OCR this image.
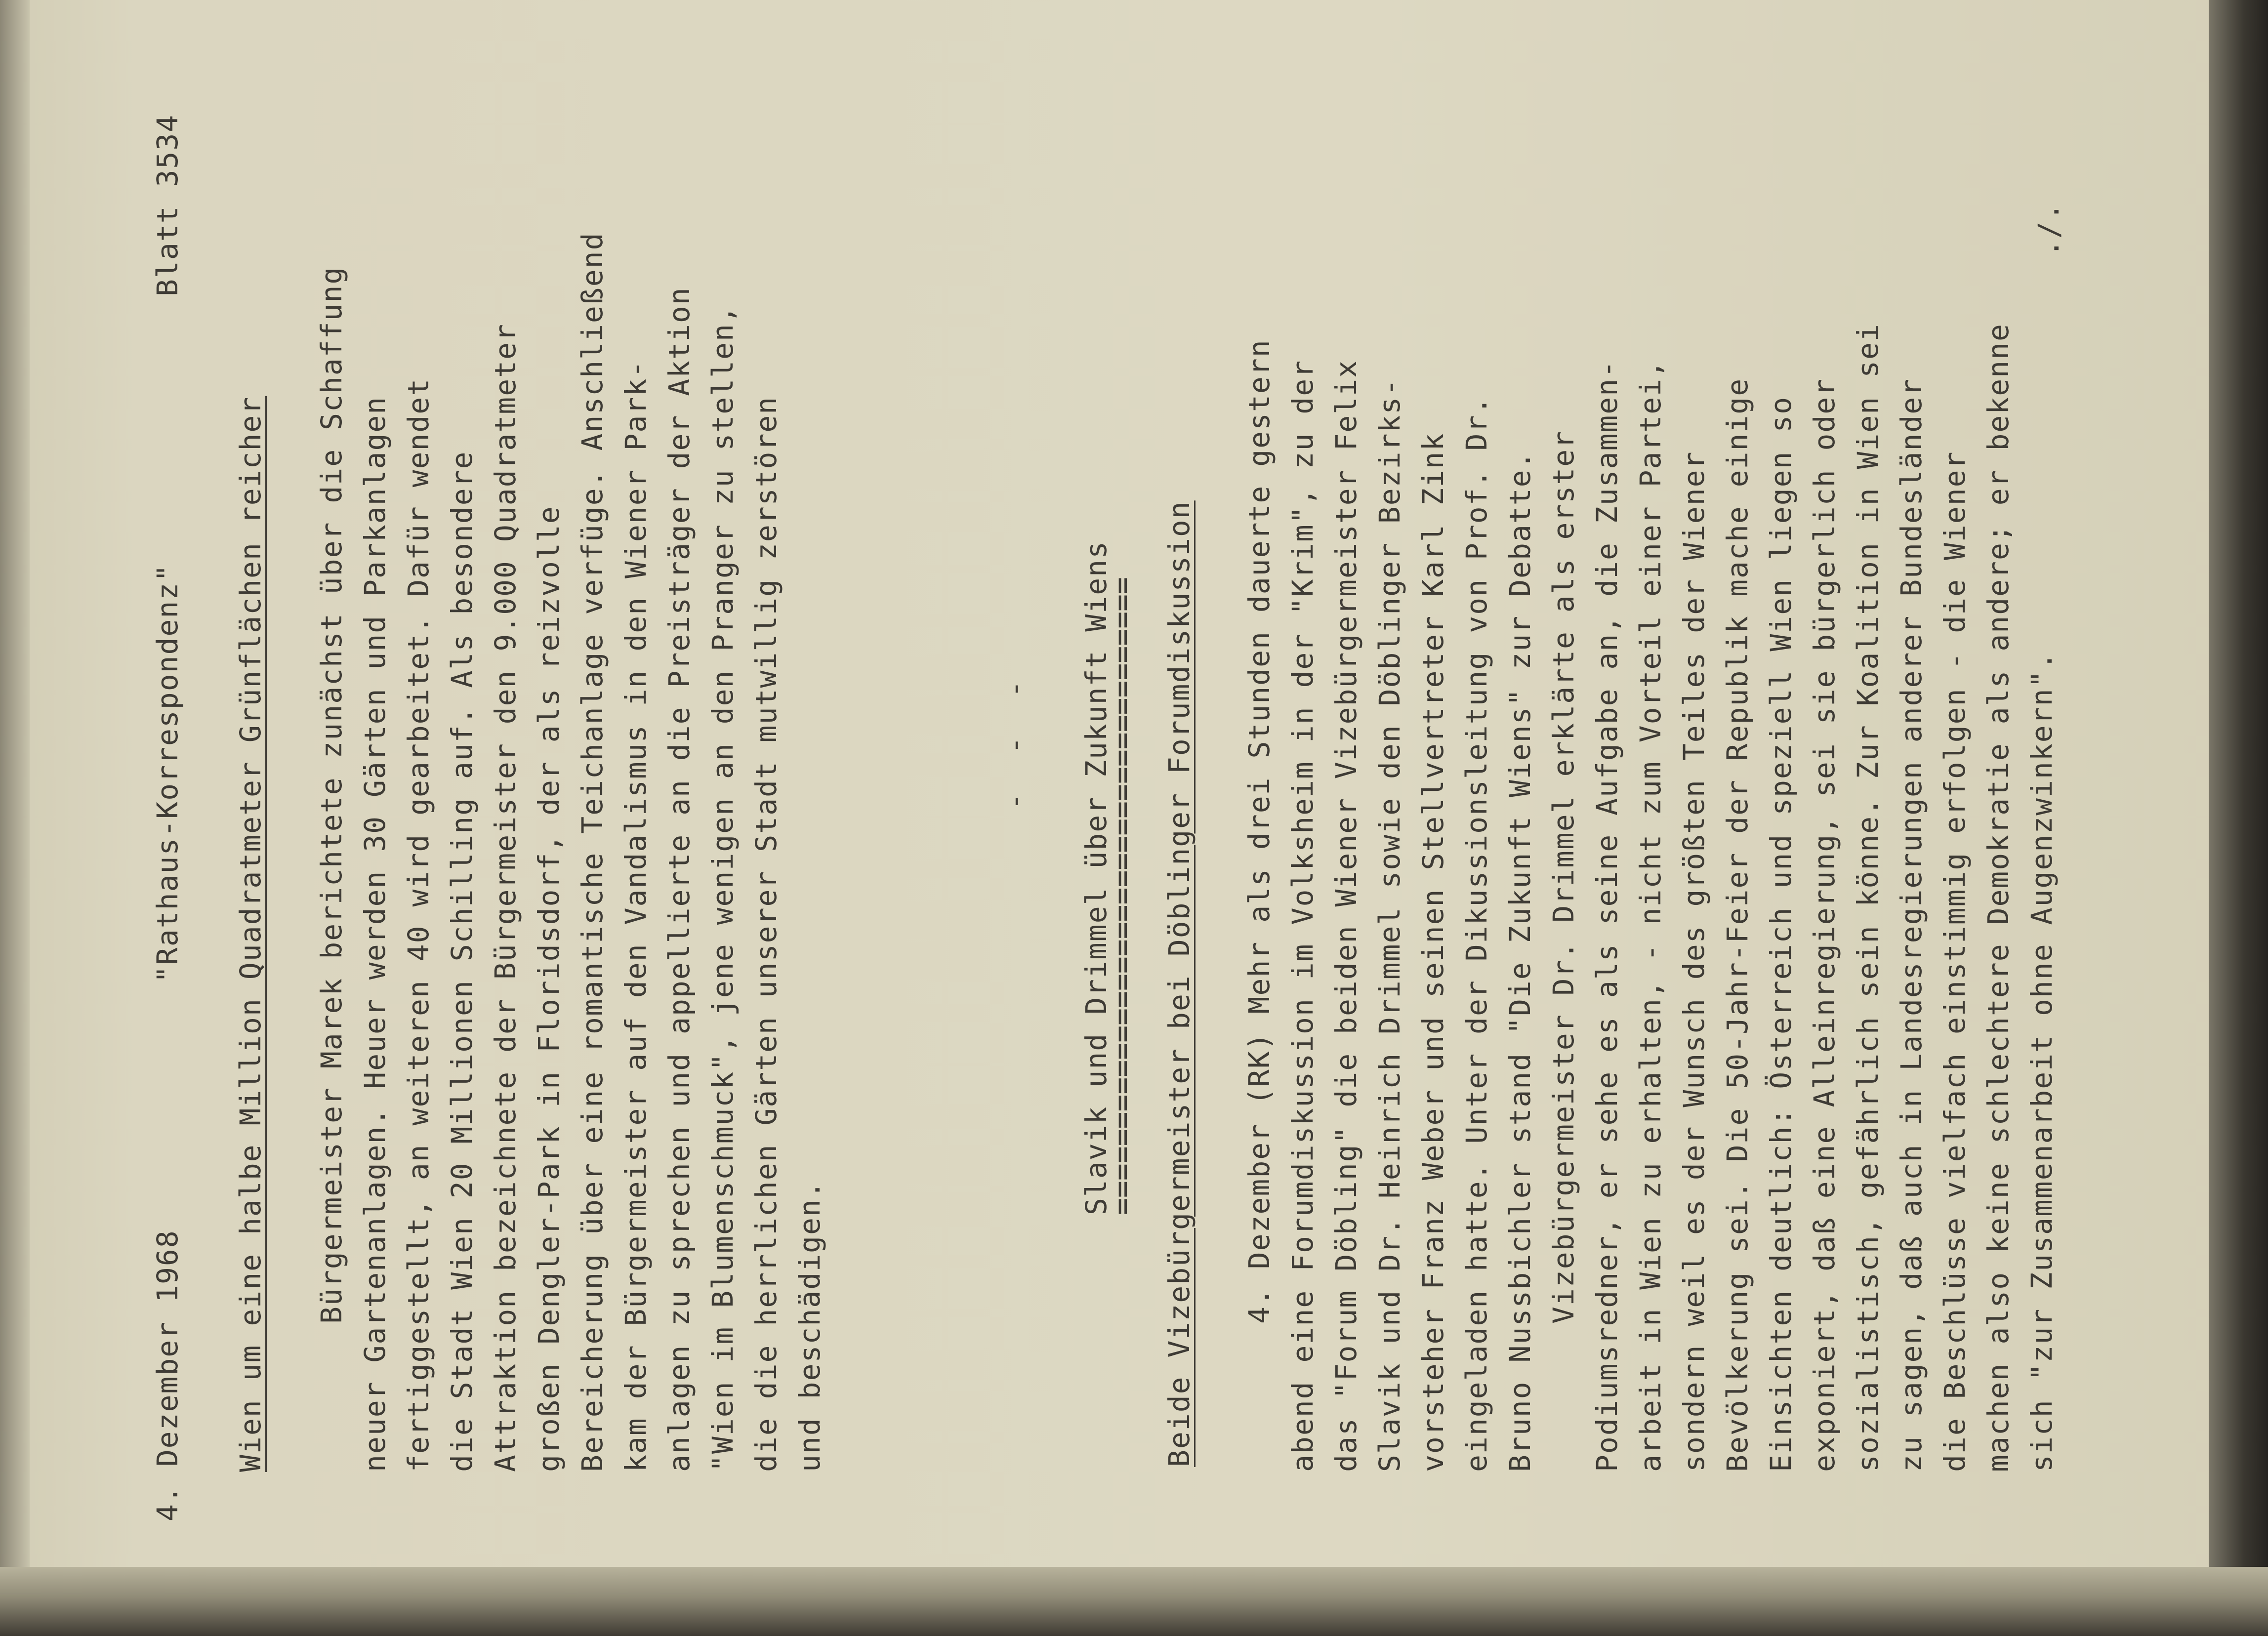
4. Dezember 1968
"Rathaus-Korrespondenz"
Blatt 3534
Wien um eine halbe Million Quadratmeter Grünflächen reicher Bürgermeister Marek berichtete zunächst über die Schaffung neuer Gartenanlagen. Heuer werden 30 Gärten und Parkanlagen fertiggestellt, an weiteren 40 wird gearbeitet. Dafür wendet die Stadt Wien 20 Millionen Schilling auf. Als besondere Attraktion bezeichnete der Bürgermeister den 9.000 Quadratmeter großen Dengler-Park in Floridsdorf, der als reizvolle Bereicherung über eine romantische Teichanlage verfüge. Anschließend kam der Bürgermeister auf den Vandalismus in den Wiener Park- anlagen zu sprechen und appellierte an die Preisträger der Aktion "Wien im Blumenschmuck", jene wenigen an den Pranger zu stellen, die die herrlichen Gärten unserer Stadt mutwillig zerstören und beschädigen.
- - - Slavik und Drimmel über Zukunft Wiens
===================================== Beide Vizebürgermeister bei Döblinger Forumdiskussion 4. Dezember (RK) Mehr als drei Stunden dauerte gestern abend eine Forumdiskussion im Volksheim in der "Krim", zu der das "Forum Döbling" die beiden Wiener Vizebürgermeister Felix Slavik und Dr. Heinrich Drimmel sowie den Döblinger Bezirks- vorsteher Franz Weber und seinen Stellvertreter Karl Zink eingeladen hatte. Unter der Dikussionsleitung von Prof. Dr. Bruno Nussbichler stand "Die Zukunft Wiens" zur Debatte. Vizebürgermeister Dr. Drimmel erklärte als erster Podiumsredner, er sehe es als seine Aufgabe an, die Zusammen- arbeit in Wien zu erhalten, - nicht zum Vorteil einer Partei, sondern weil es der Wunsch des größten Teiles der Wiener Bevölkerung sei. Die 50-Jahr-Feier der Republik mache einige Einsichten deutlich: Österreich und speziell Wien liegen so exponiert, daß eine Alleinregierung, sei sie bürgerlich oder sozialistisch, gefährlich sein könne. Zur Koalition in Wien sei zu sagen, daß auch in Landesregierungen anderer Bundesländer die Beschlüsse vielfach einstimmig erfolgen - die Wiener machen also keine schlechtere Demokratie als andere; er bekenne sich "zur Zusammenarbeit ohne Augenzwinkern".
./.
